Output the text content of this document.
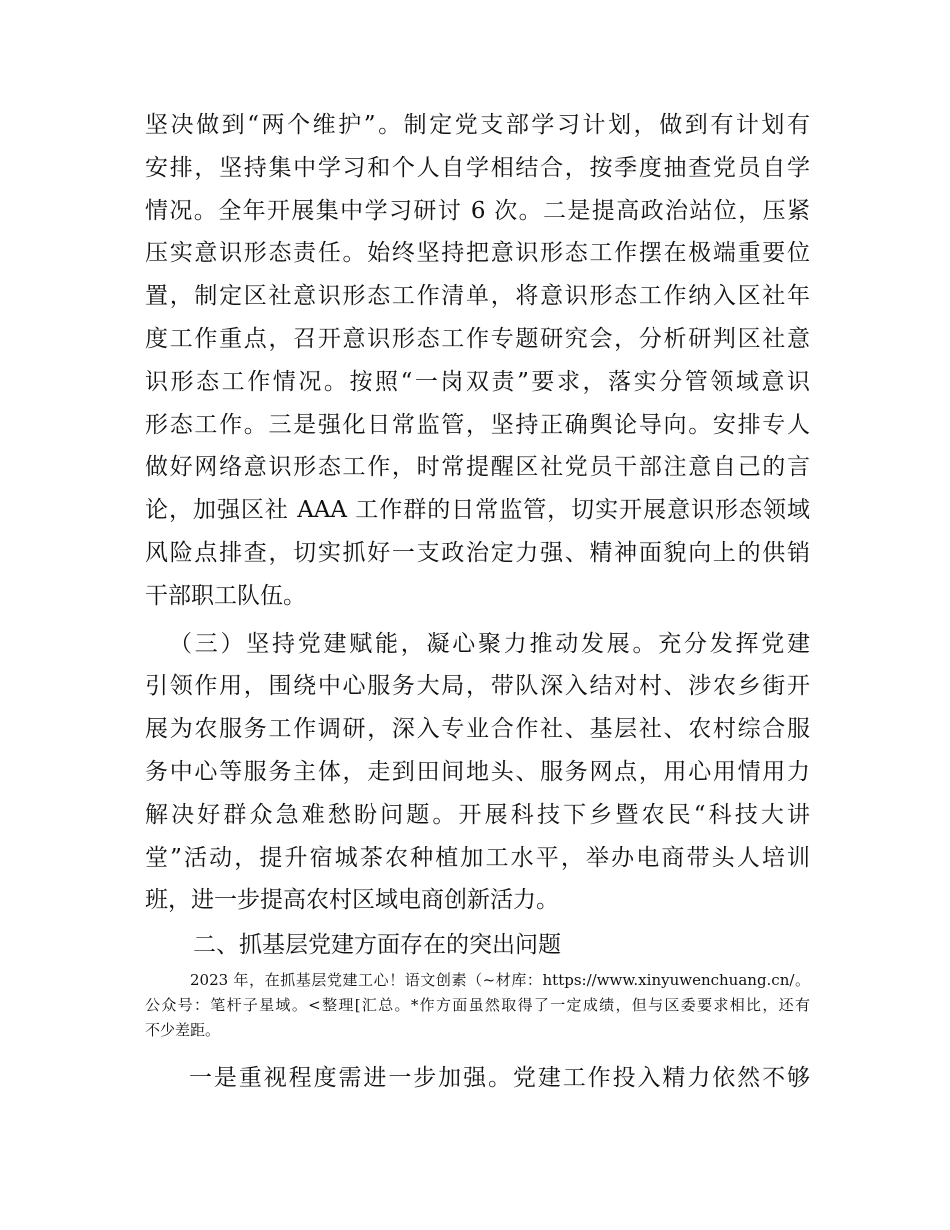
坚决做到“两个维护”。制定党支部学习计划，做到有计划有
安排，坚持集中学习和个人自学相结合，按季度抽查党员自学
情况。全年开展集中学习研讨 6 次。二是提高政治站位，压紧
压实意识形态责任。始终坚持把意识形态工作摆在极端重要位
置，制定区社意识形态工作清单，将意识形态工作纳入区社年
度工作重点，召开意识形态工作专题研究会，分析研判区社意
识形态工作情况。按照“一岗双责”要求，落实分管领域意识
形态工作。三是强化日常监管，坚持正确舆论导向。安排专人
做好网络意识形态工作，时常提醒区社党员干部注意自己的言
论，加强区社 AAA 工作群的日常监管，切实开展意识形态领域
风险点排查，切实抓好一支政治定力强、精神面貌向上的供销
干部职工队伍。
（三）坚持党建赋能，凝心聚力推动发展。充分发挥党建
引领作用，围绕中心服务大局，带队深入结对村、涉农乡街开
展为农服务工作调研，深入专业合作社、基层社、农村综合服
务中心等服务主体，走到田间地头、服务网点，用心用情用力
解决好群众急难愁盼问题。开展科技下乡暨农民“科技大讲
堂”活动，提升宿城茶农种植加工水平，举办电商带头人培训
班，进一步提高农村区域电商创新活力。
二、抓基层党建方面存在的突出问题
2023 年，在抓基层党建工心！语文创素（~材库：https://www.xinyuwenchuang.cn/。
公众号：笔杆子星域。<整理[汇总。*作方面虽然取得了一定成绩，但与区委要求相比，还有
不少差距。
一是重视程度需进一步加强。党建工作投入精力依然不够
